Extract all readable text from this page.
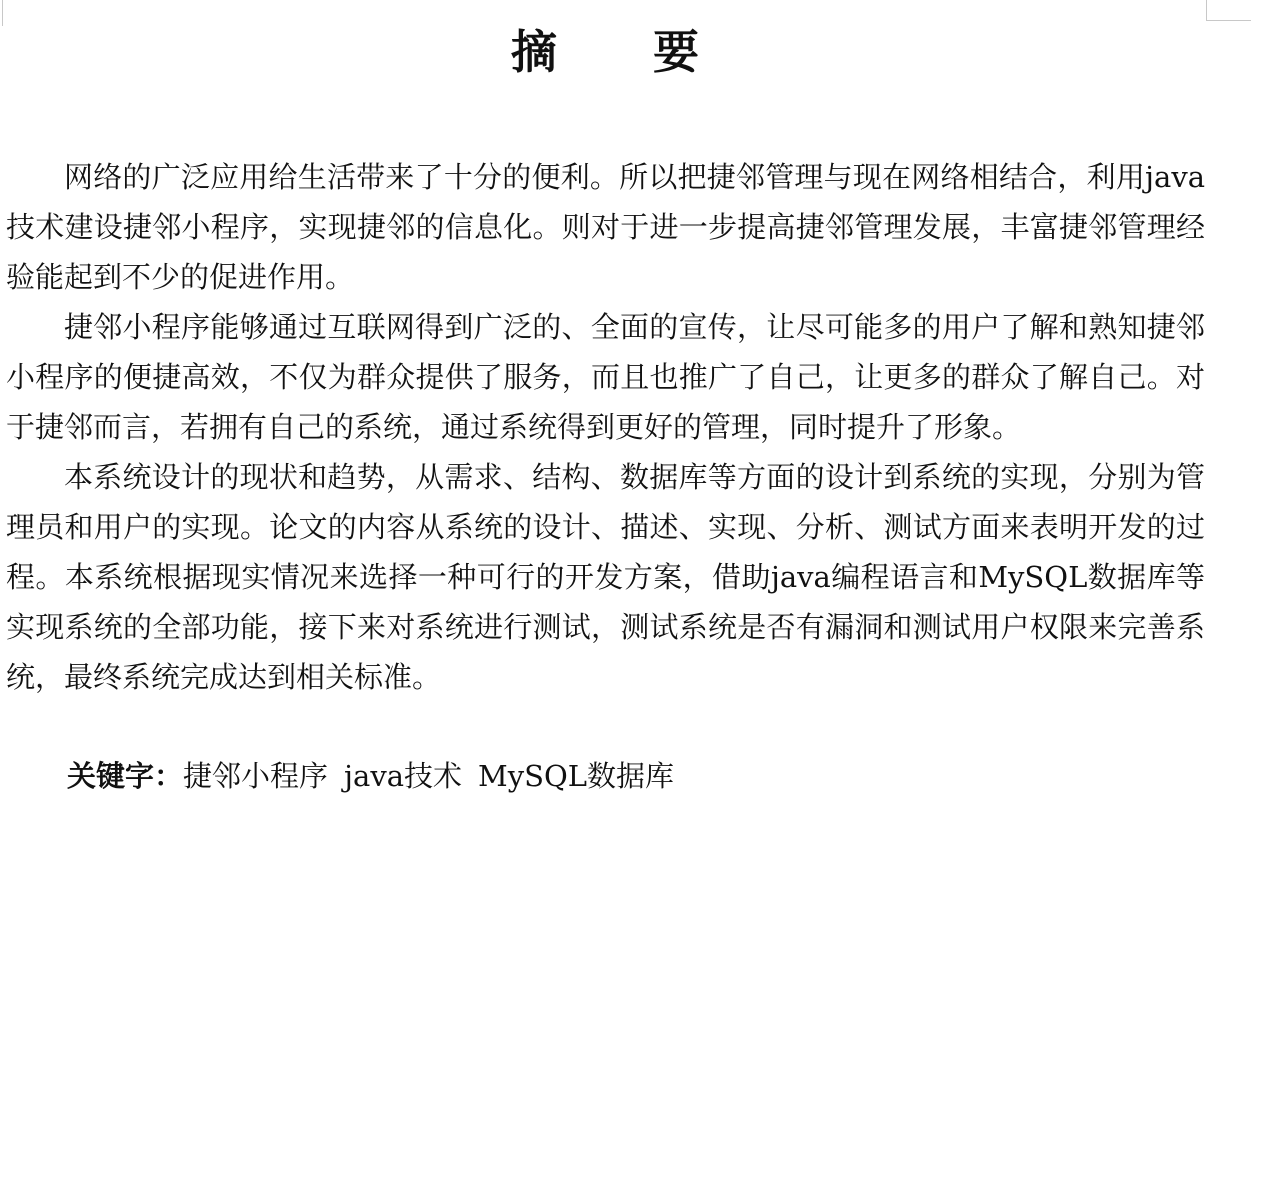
摘 要

网络的广泛应用给生活带来了十分的便利。所以把捷邻管理与现在网络相结合，利用java技术建设捷邻小程序，实现捷邻的信息化。则对于进一步提高捷邻管理发展，丰富捷邻管理经验能起到不少的促进作用。

捷邻小程序能够通过互联网得到广泛的、全面的宣传，让尽可能多的用户了解和熟知捷邻小程序的便捷高效，不仅为群众提供了服务，而且也推广了自己，让更多的群众了解自己。对于捷邻而言，若拥有自己的系统，通过系统得到更好的管理，同时提升了形象。

本系统设计的现状和趋势，从需求、结构、数据库等方面的设计到系统的实现，分别为管理员和用户的实现。论文的内容从系统的设计、描述、实现、分析、测试方面来表明开发的过程。本系统根据现实情况来选择一种可行的开发方案，借助java编程语言和MySQL数据库等实现系统的全部功能，接下来对系统进行测试，测试系统是否有漏洞和测试用户权限来完善系统，最终系统完成达到相关标准。

关键字：捷邻小程序 java技术 MySQL数据库
